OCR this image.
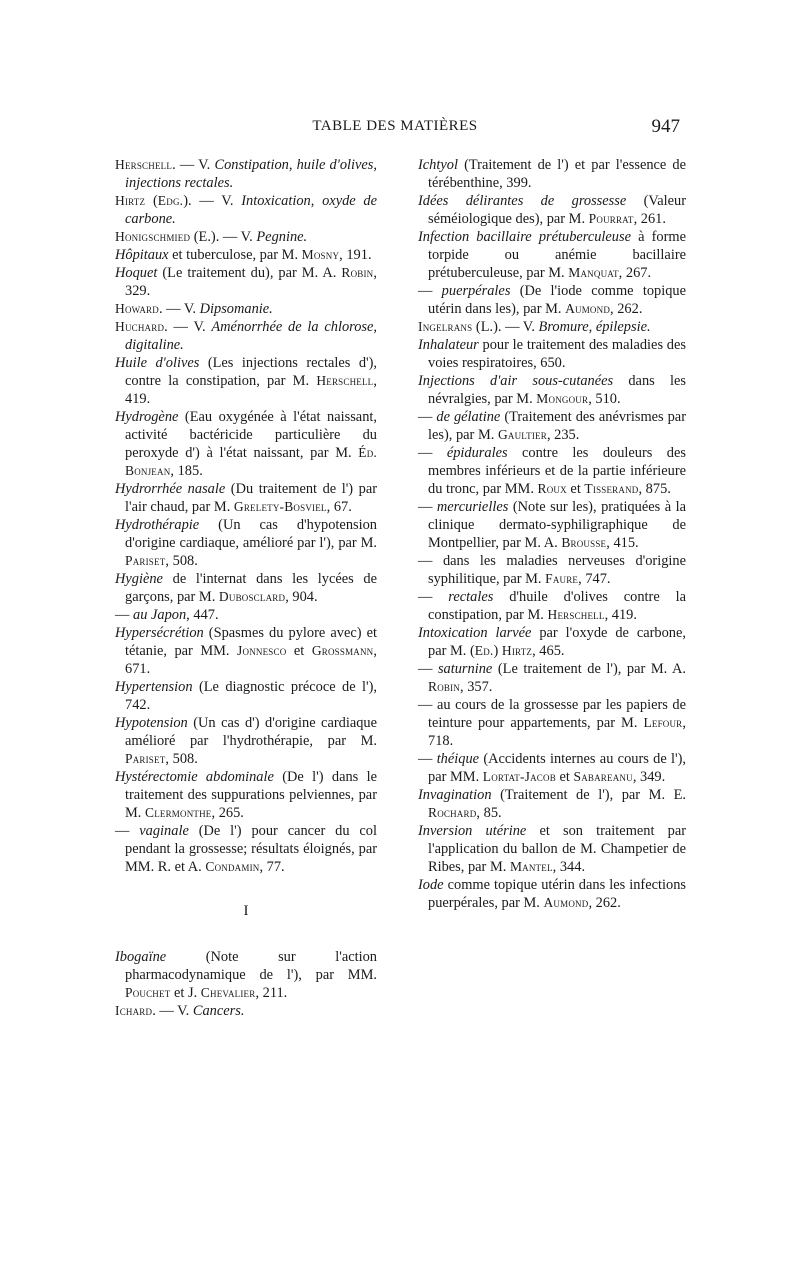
TABLE DES MATIÈRES	947

Herschell. — V. Constipation, huile d'olives, injections rectales.

Hirtz (Edg.). — V. Intoxication, oxyde de carbone.

Honigschmied (E.). — V. Pegnine.

Hôpitaux et tuberculose, par M. Mosny, 191.

Hoquet (Le traitement du), par M. A. Robin, 329.

Howard. — V. Dipsomanie.

Huchard. — V. Aménorrhée de la chlorose, digitaline.

Huile d'olives (Les injections rectales d'), contre la constipation, par M. Herschell, 419.

Hydrogène (Eau oxygénée à l'état naissant, activité bactéricide particulière du peroxyde d') à l'état naissant, par M. Éd. Bonjean, 185.

Hydrorrhée nasale (Du traitement de l') par l'air chaud, par M. Grelety-Bosviel, 67.

Hydrothérapie (Un cas d'hypotension d'origine cardiaque, amélioré par l'), par M. Pariset, 508.

Hygiène de l'internat dans les lycées de garçons, par M. Dubosclard, 904.

— au Japon, 447.

Hypersécrétion (Spasmes du pylore avec) et tétanie, par MM. Jonnesco et Grossmann, 671.

Hypertension (Le diagnostic précoce de l'), 742.

Hypotension (Un cas d') d'origine cardiaque amélioré par l'hydrothérapie, par M. Pariset, 508.

Hystérectomie abdominale (De l') dans le traitement des suppurations pelviennes, par M. Clermonthe, 265.

— vaginale (De l') pour cancer du col pendant la grossesse; résultats éloignés, par MM. R. et A. Condamin, 77.

I

Ibogaïne (Note sur l'action pharmacodynamique de l'), par MM. Pouchet et J. Chevalier, 211.

Ichard. — V. Cancers.

Ichtyol (Traitement de l') et par l'essence de térébenthine, 399.

Idées délirantes de grossesse (Valeur séméiologique des), par M. Pourrat, 261.

Infection bacillaire prétuberculeuse à forme torpide ou anémie bacillaire prétuberculeuse, par M. Manquat, 267.

— puerpérales (De l'iode comme topique utérin dans les), par M. Aumond, 262.

Ingelrans (L.). — V. Bromure, épilepsie.

Inhalateur pour le traitement des maladies des voies respiratoires, 650.

Injections d'air sous-cutanées dans les névralgies, par M. Mongour, 510.

— de gélatine (Traitement des anévrismes par les), par M. Gaultier, 235.

— épidurales contre les douleurs des membres inférieurs et de la partie inférieure du tronc, par MM. Roux et Tisserand, 875.

— mercurielles (Note sur les), pratiquées à la clinique dermato-syphiligraphique de Montpellier, par M. A. Brousse, 415.

— dans les maladies nerveuses d'origine syphilitique, par M. Faure, 747.

— rectales d'huile d'olives contre la constipation, par M. Herschell, 419.

Intoxication larvée par l'oxyde de carbone, par M. (Ed.) Hirtz, 465.

— saturnine (Le traitement de l'), par M. A. Robin, 357.

— au cours de la grossesse par les papiers de teinture pour appartements, par M. Lefour, 718.

— théique (Accidents internes au cours de l'), par MM. Lortat-Jacob et Sabareanu, 349.

Invagination (Traitement de l'), par M. E. Rochard, 85.

Inversion utérine et son traitement par l'application du ballon de M. Champetier de Ribes, par M. Mantel, 344.

Iode comme topique utérin dans les infections puerpérales, par M. Aumond, 262.
